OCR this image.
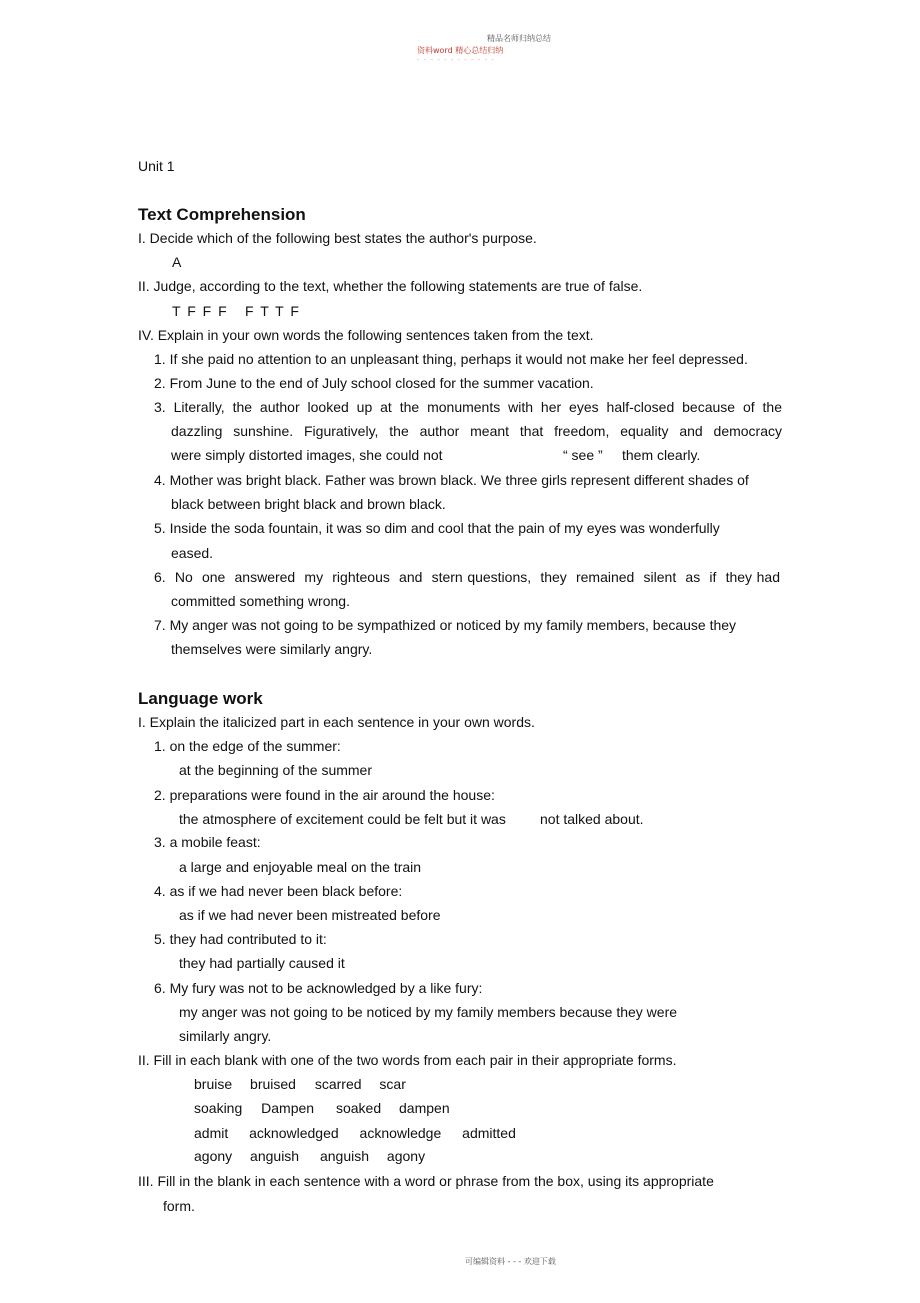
精品名师归纳总结
资料word 精心总结归纳
- - - - - - - - - - - -
Unit 1
Text Comprehension
I. Decide which of the following best states the author's purpose.
A
II. Judge, according to the text, whether the following statements are true of false.
T F F F F T T F
IV. Explain in your own words the following sentences taken from the text.
1. If she paid no attention to an unpleasant thing, perhaps it would not make her feel depressed.
2. From June to the end of July school closed for the summer vacation.
3. Literally, the author looked up at the monuments with her eyes half-closed because of the
dazzling sunshine. Figuratively, the author meant that freedom, equality and democracy
were simply distorted images, she could not	“ see ” them clearly.
4. Mother was bright black. Father was brown black. We three girls represent different shades of
black between bright black and brown black.
5. Inside the soda fountain, it was so dim and cool that the pain of my eyes was wonderfully
eased.
6.  No  one  answered  my  righteous  and  stern questions,  they  remained  silent  as  if  they had
committed something wrong.
7. My anger was not going to be sympathized or noticed by my family members, because they
themselves were similarly angry.
Language work
I. Explain the italicized part in each sentence in your own words.
1. on the edge of the summer:
at the beginning of the summer
2. preparations were found in the air around the house:
the atmosphere of excitement could be felt but it was not talked about.
3. a mobile feast:
a large and enjoyable meal on the train
4. as if we had never been black before:
as if we had never been mistreated before
5. they had contributed to it:
they had partially caused it
6. My fury was not to be acknowledged by a like fury:
my anger was not going to be noticed by my family members because they were
similarly angry.
II. Fill in each blank with one of the two words from each pair in their appropriate forms.
bruise bruised scarred scar
soaking Dampen soaked dampen
admit acknowledged acknowledge admitted
agony anguish anguish agony
III. Fill in the blank in each sentence with a word or phrase from the box, using its appropriate
form.
可编辑资料 - - - 欢迎下载
